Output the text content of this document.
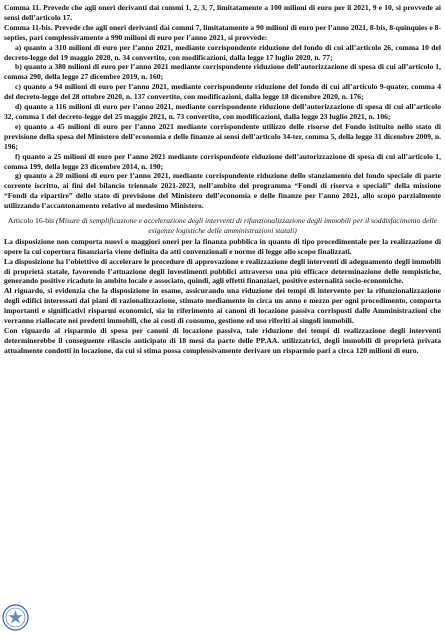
Comma 11. Prevede che agli oneri derivanti dai commi 1, 2, 3, 7, limitatamente a 100 milioni di euro per il 2021, 9 e 10, si provvede ai sensi dell’articolo 17.

Comma 11-bis. Prevede che agli oneri derivanti dai commi 7, limitatamente a 90 milioni di euro per l’anno 2021, 8-bis, 8-quinquies e 8-septies, pari complessivamente a 990 milioni di euro per l’anno 2021, si provvede:

a) quanto a 310 milioni di euro per l’anno 2021, mediante corrispondente riduzione del fondo di cui all’articolo 26, comma 10 del decreto-legge del 19 maggio 2020, n. 34 convertito, con modificazioni, dalla legge 17 luglio 2020, n. 77;

b) quanto a 380 milioni di euro per l’anno 2021 mediante corrispondente riduzione dell’autorizzazione di spesa di cui all’articolo 1, comma 290, della legge 27 dicembre 2019, n. 160;

c) quanto a 94 milioni di euro per l’anno 2021, mediante corrispondente riduzione del fondo di cui all’articolo 9-quater, comma 4 del decreto-legge del 28 ottobre 2020, n. 137 convertito, con modificazioni, dalla legge 18 dicembre 2020, n. 176;

d) quanto a 116 milioni di euro per l’anno 2021, mediante corrispondente riduzione dell’autorizzazione di spesa di cui all’articolo 32, comma 1 del decreto-legge del 25 maggio 2021, n. 73 convertito, con modificazioni, dalla legge 23 luglio 2021, n. 106;

e) quanto a 45 milioni di euro per l’anno 2021 mediante corrispondente utilizzo delle risorse del Fondo istituito nello stato di previsione della spesa del Ministero dell’economia e delle finanze ai sensi dell’articolo 34-ter, comma 5, della legge 31 dicembre 2009, n. 196;

f) quanto a 25 milioni di euro per l’anno 2021 mediante corrispondente riduzione dell’autorizzazione di spesa di cui all’articolo 1, comma 199, della legge 23 dicembre 2014, n. 190;

g) quanto a 20 milioni di euro per l’anno 2021, mediante corrispondente riduzione dello stanziamento del fondo speciale di parte corrente iscritto, ai fini del bilancio triennale 2021-2023, nell’ambito del programma “Fondi di riserva e speciali” della missione “Fondi da ripartire” dello stato di previsione del Ministero dell’economia e delle finanze per l’anno 2021, allo scopo parzialmente utilizzando l’accantonamento relativo al medesimo Ministero.

Articolo 16-bis (Misure di semplificazione e accelerazione degli interventi di rifunzionalizzazione degli immobili per il soddisfacimento delle esigenze logistiche delle amministrazioni statali)

La disposizione non comporta nuovi o maggiori oneri per la finanza pubblica in quanto di tipo procedimentale per la realizzazione di opere la cui copertura finanziaria viene definita da atti convenzionali e norme di legge allo scopo finalizzati.

La disposizione ha l’obiettivo di accelerare le procedure di approvazione e realizzazione degli interventi di adeguamento degli immobili di proprietà statale, favorendo l’attuazione degli investimenti pubblici attraverso una più efficace determinazione delle tempistiche, generando positive ricadute in ambito locale e associato, quindi, agli effetti finanziari, positive esternalità socio-economiche.

Al riguardo, si evidenzia che la disposizione in esame, assicurando una riduzione dei tempi di intervento per la rifunzionalizzazione degli edifici interessati dai piani di razionalizzazione, stimato mediamente in circa un anno e mezzo per ogni procedimento, comporta importanti e significativi risparmi economici, sia in riferimento ai canoni di locazione passiva corrisposti dalle Amministrazioni che verranno riallocate nei predetti immobili, che ai costi di consumo, gestione ed uso riferiti ai singoli immobili.

Con riguardo al risparmio di spesa per canoni di locazione passiva, tale riduzione dei tempi di realizzazione degli interventi determinerebbe il conseguente rilascio anticipato di 18 mesi da parte delle PP.AA. utilizzatrici, degli immobili di proprietà privata attualmente condotti in locazione, da cui si stima possa complessivamente derivare un risparmio pari a circa 120 milioni di euro.
